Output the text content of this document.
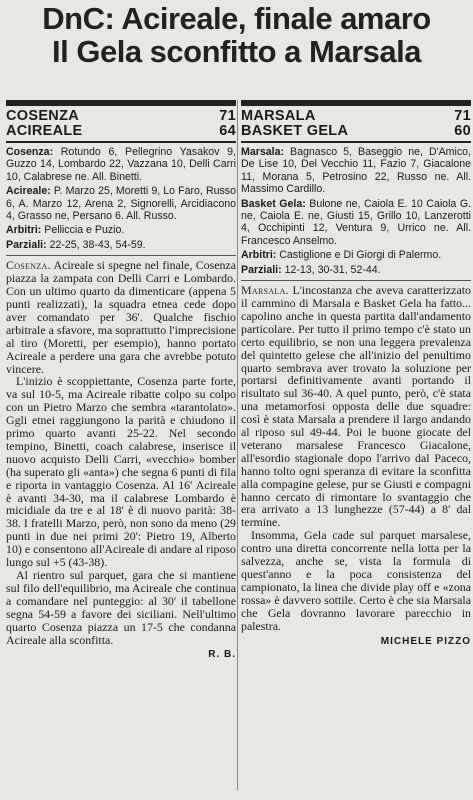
DnC: Acireale, finale amaro
Il Gela sconfitto a Marsala
COSENZA	71
ACIREALE	64

Cosenza: Rotundo 6, Pellegrino Yasakov 9, Guzzo 14, Lombardo 22, Vazzana 10, Delli Carri 10, Calabrese ne. All. Binetti.

Acireale: P. Marzo 25, Moretti 9, Lo Faro, Russo 6, A. Marzo 12, Arena 2, Signorelli, Arcidiacono 4, Grasso ne, Persano 6. All. Russo.

Arbitri: Pelliccia e Puzio.

Parziali: 22-25, 38-43, 54-59.

Cosenza. Acireale si spegne nel finale, Cosenza piazza la zampata con Delli Carri e Lombardo. Con un ultimo quarto da dimenticare (appena 5 punti realizzati), la squadra etnea cede dopo aver comandato per 36'. Qualche fischio arbitrale a sfavore, ma soprattutto l'imprecisione al tiro (Moretti, per esempio), hanno portato Acireale a perdere una gara che avrebbe potuto vincere.

L'inizio è scoppiettante, Cosenza parte forte, va sul 10-5, ma Acireale ribatte colpo su colpo con un Pietro Marzo che sembra «tarantolato». Ggli etnei raggiungono la parità e chiudono il primo quarto avanti 25-22. Nel secondo tempino, Binetti, coach calabrese, inserisce il nuovo acquisto Delli Carri, «vecchio» bomber (ha superato gli «anta») che segna 6 punti di fila e riporta in vantaggio Cosenza. Al 16' Acireale è avanti 34-30, ma il calabrese Lombardo è micidiale da tre e al 18' è di nuovo parità: 38-38. I fratelli Marzo, però, non sono da meno (29 punti in due nei primi 20': Pietro 19, Alberto 10) e consentono all'Acireale di andare al riposo lungo sul +5 (43-38).

Al rientro sul parquet, gara che si mantiene sul filo dell'equilibrio, ma Acireale che continua a comandare nel punteggio: al 30' il tabellone segna 54-59 a favore dei siciliani. Nell'ultimo quarto Cosenza piazza un 17-5 che condanna Acireale alla sconfitta.

R. B.
MARSALA	71
BASKET GELA	60

Marsala: Bagnasco 5, Baseggio ne, D'Amico, De Lise 10, Del Vecchio 11, Fazio 7, Giacalone 11, Morana 5, Petrosino 22, Russo ne. All. Massimo Cardillo.

Basket Gela: Bulone ne, Caiola E. 10 Caiola G. ne, Caiola E. ne, Giusti 15, Grillo 10, Lanzerotti 4, Occhipinti 12, Ventura 9, Urrico ne. All. Francesco Anselmo.

Arbitri: Castiglione e Di Giorgi di Palermo.

Parziali: 12-13, 30-31, 52-44.

Marsala. L'incostanza che aveva caratterizzato il cammino di Marsala e Basket Gela ha fatto... capolino anche in questa partita dall'andamento particolare. Per tutto il primo tempo c'è stato un certo equilibrio, se non una leggera prevalenza del quintetto gelese che all'inizio del penultimo quarto sembrava aver trovato la soluzione per portarsi definitivamente avanti portando il risultato sul 36-40. A quel punto, però, c'è stata una metamorfosi opposta delle due squadre: così è stata Marsala a prendere il largo andando al riposo sul 49-44. Poi le buone giocate del veterano marsalese Francesco Giacalone, all'esordio stagionale dopo l'arrivo dal Paceco, hanno tolto ogni speranza di evitare la sconfitta alla compagine gelese, pur se Giusti e compagni hanno cercato di rimontare lo svantaggio che era arrivato a 13 lunghezze (57-44) a 8' dal termine.

Insomma, Gela cade sul parquet marsalese, contro una diretta concorrente nella lotta per la salvezza, anche se, vista la formula di quest'anno e la poca consistenza del campionato, la linea che divide play off e «zona rossa» è davvero sottile. Certo è che sia Marsala che Gela dovranno lavorare parecchio in palestra.

MICHELE PIZZO
